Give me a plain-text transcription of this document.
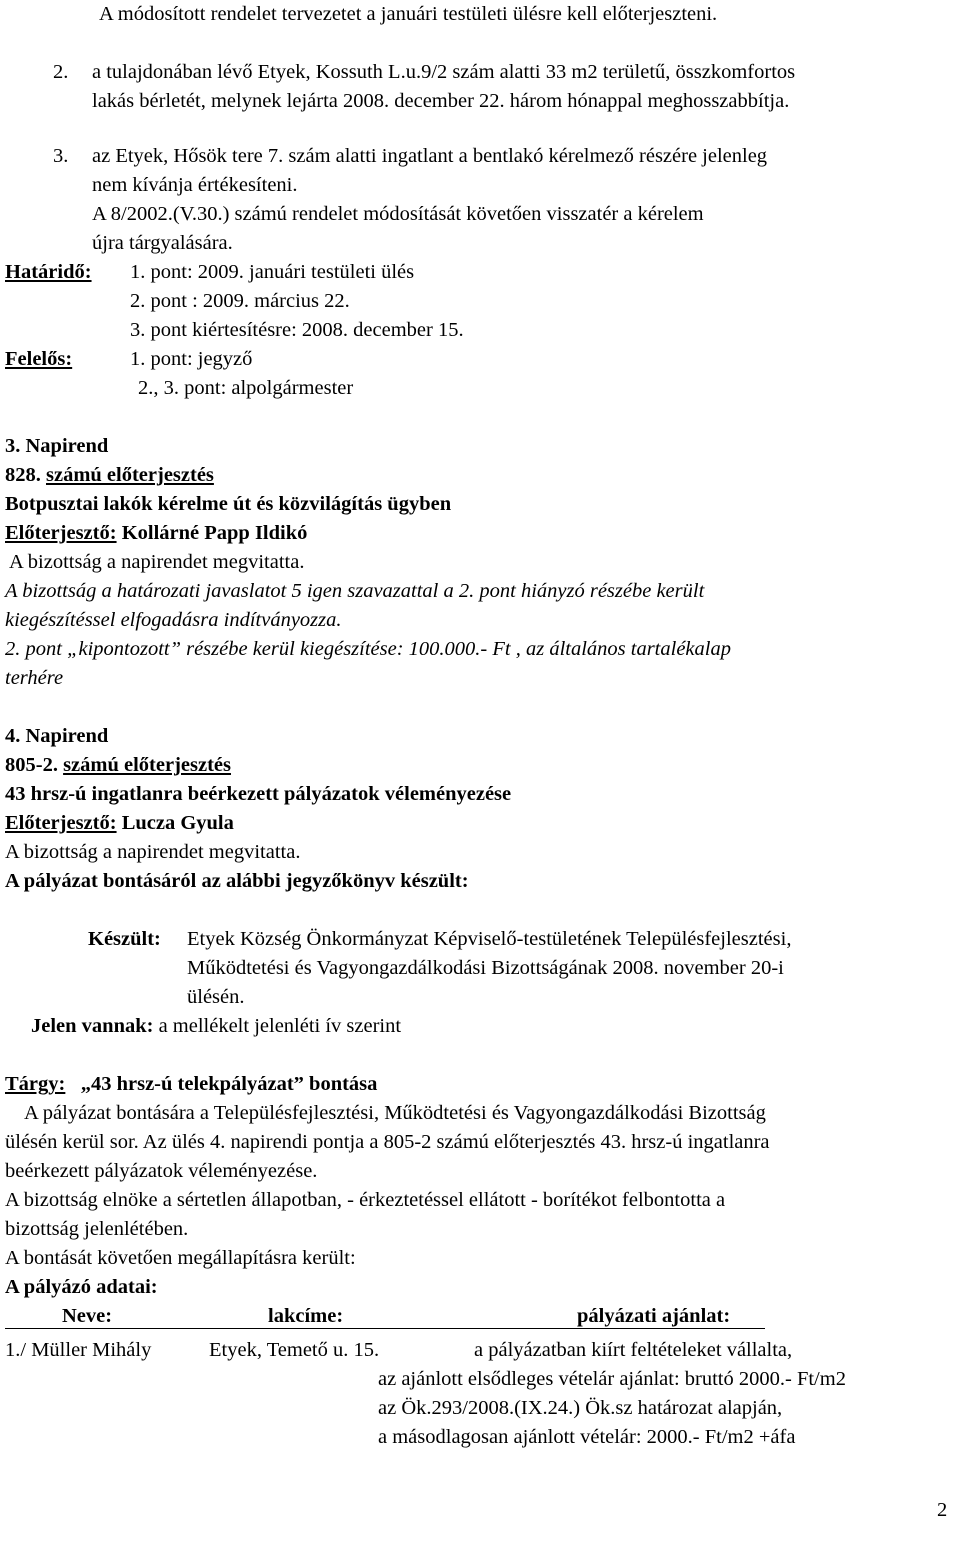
A módosított rendelet tervezetet a januári testületi ülésre kell előterjeszteni.
2. a tulajdonában lévő Etyek, Kossuth L.u.9/2 szám alatti 33 m2 területű, összkomfortos
lakás bérletét, melynek lejárta 2008. december 22. három hónappal meghosszabbítja.
3. az Etyek, Hősök tere 7. szám alatti ingatlant a bentlakó kérelmező részére jelenleg
nem kívánja értékesíteni.
A 8/2002.(V.30.) számú rendelet módosítását követően visszatér a kérelem
újra tárgyalására.
Határidő: 1. pont: 2009. januári testületi ülés
2. pont : 2009. március 22.
3. pont kiértesítésre: 2008. december 15.
Felelős:	1. pont: jegyző
2., 3. pont: alpolgármester
3. Napirend
828. számú előterjesztés
Botpusztai lakók kérelme út és közvilágítás ügyben
Előterjesztő: Kollárné Papp Ildikó
A bizottság a napirendet megvitatta.
A bizottság a határozati javaslatot 5 igen szavazattal a 2. pont hiányzó részébe került
kiegészítéssel elfogadásra indítványozza.
2. pont „kipontozott” részébe kerül kiegészítése: 100.000.- Ft , az általános tartalékalap
terhére
4. Napirend
805-2. számú előterjesztés
43 hrsz-ú ingatlanra beérkezett pályázatok véleményezése
Előterjesztő: Lucza Gyula
A bizottság a napirendet megvitatta.
A pályázat bontásáról az alábbi jegyzőkönyv készült:
Készült: Etyek Község Önkormányzat Képviselő-testületének Településfejlesztési,
Működtetési és Vagyongazdálkodási Bizottságának 2008. november 20-i
ülésén.
Jelen vannak: a mellékelt jelenléti ív szerint
Tárgy: „43 hrsz-ú telekpályázat” bontása
A pályázat bontására a Településfejlesztési, Működtetési és Vagyongazdálkodási Bizottság
ülésén kerül sor. Az ülés 4. napirendi pontja a 805-2 számú előterjesztés 43. hrsz-ú ingatlanra
beérkezett pályázatok véleményezése.
A bizottság elnöke a sértetlen állapotban, - érkeztetéssel ellátott - borítékot felbontotta a
bizottság jelenlétében.
A bontását követően megállapításra került:
A pályázó adatai:
Neve:	lakcíme:	pályázati ajánlat:
1./ Müller Mihály	Etyek, Temető u. 15.	a pályázatban kiírt feltételeket vállalta,
az ajánlott elsődleges vételár ajánlat: bruttó 2000.- Ft/m2
az Ök.293/2008.(IX.24.) Ök.sz határozat alapján,
a másodlagosan ajánlott vételár: 2000.- Ft/m2 +áfa
2
